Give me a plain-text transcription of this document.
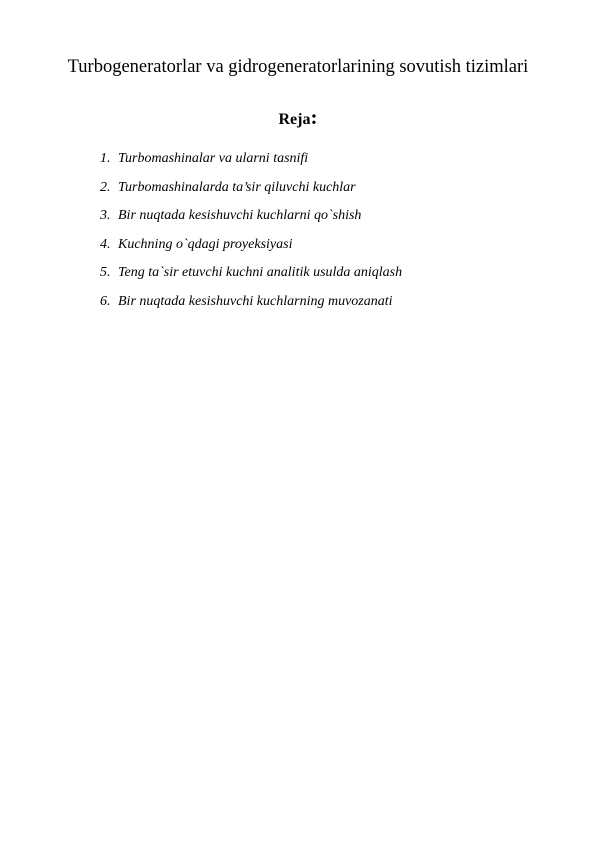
Turbogeneratorlar va gidrogeneratorlarining sovutish tizimlari
Reja:
1. Turbomashinalar va ularni tasnifi
2. Turbomashinalarda ta’sir qiluvchi kuchlar
3. Bir nuqtada kesishuvchi kuchlarni qo`shish
4. Kuchning o`qdagi proyeksiyasi
5. Teng ta`sir etuvchi kuchni analitik usulda aniqlash
6. Bir nuqtada kesishuvchi kuchlarning muvozanati
